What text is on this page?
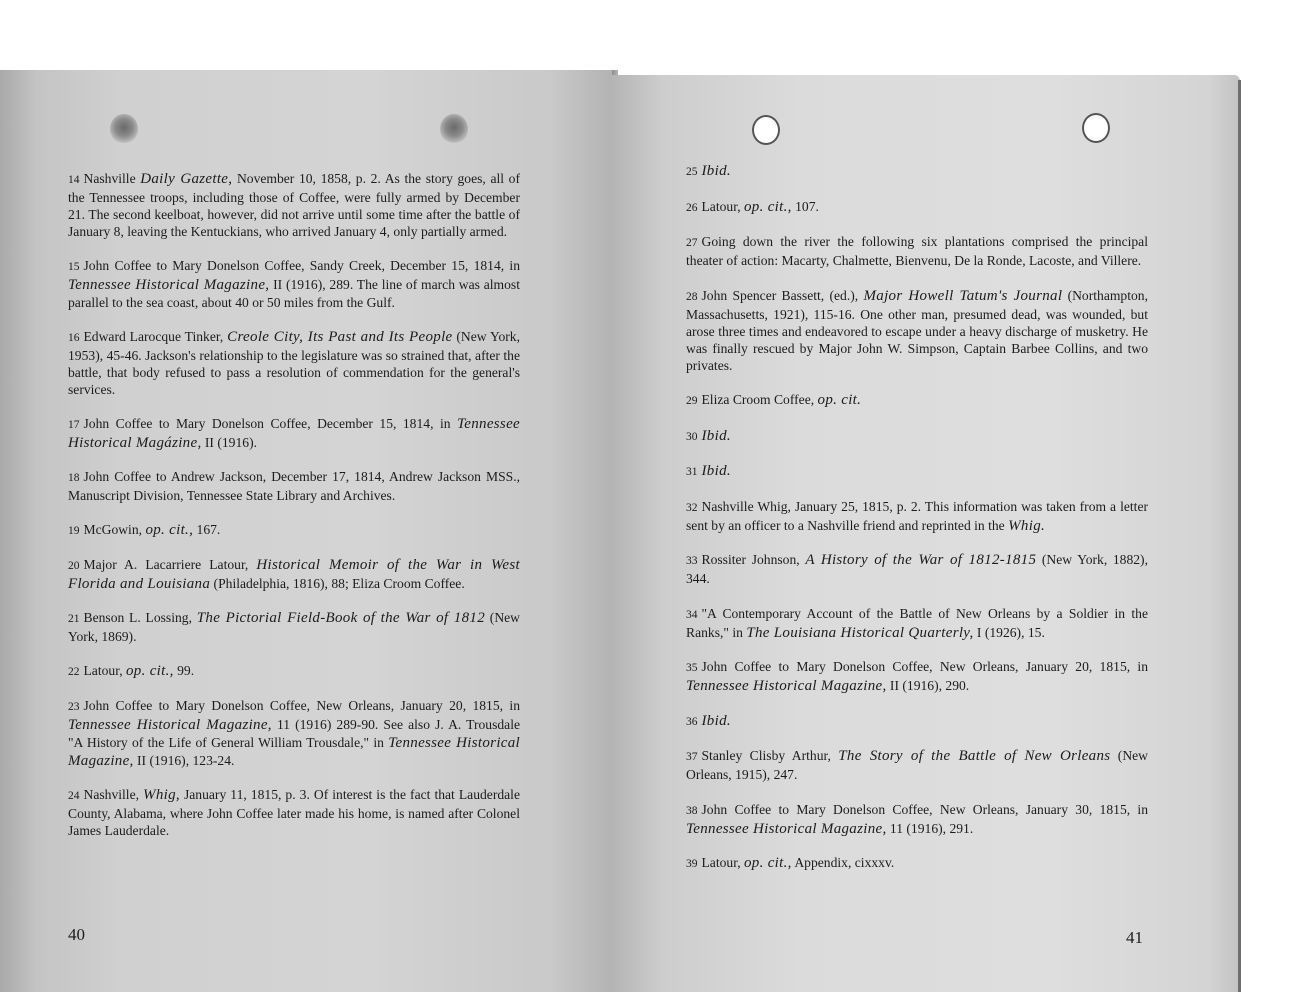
14 Nashville Daily Gazette, November 10, 1858, p. 2. As the story goes, all of the Tennessee troops, including those of Coffee, were fully armed by December 21. The second keelboat, however, did not arrive until some time after the battle of January 8, leaving the Kentuckians, who arrived January 4, only partially armed.

15 John Coffee to Mary Donelson Coffee, Sandy Creek, December 15, 1814, in Tennessee Historical Magazine, II (1916), 289. The line of march was almost parallel to the sea coast, about 40 or 50 miles from the Gulf.

16 Edward Larocque Tinker, Creole City, Its Past and Its People (New York, 1953), 45-46. Jackson's relationship to the legislature was so strained that, after the battle, that body refused to pass a resolution of commendation for the general's services.

17 John Coffee to Mary Donelson Coffee, December 15, 1814, in Tennessee Historical Magázine, II (1916).

18 John Coffee to Andrew Jackson, December 17, 1814, Andrew Jackson MSS., Manuscript Division, Tennessee State Library and Archives.

19 McGowin, op. cit., 167.

20 Major A. Lacarriere Latour, Historical Memoir of the War in West Florida and Louisiana (Philadelphia, 1816), 88; Eliza Croom Coffee.

21 Benson L. Lossing, The Pictorial Field-Book of the War of 1812 (New York, 1869).

22 Latour, op. cit., 99.

23 John Coffee to Mary Donelson Coffee, New Orleans, January 20, 1815, in Tennessee Historical Magazine, 11 (1916) 289-90. See also J. A. Trousdale "A History of the Life of General William Trousdale," in Tennessee Historical Magazine, II (1916), 123-24.

24 Nashville, Whig, January 11, 1815, p. 3. Of interest is the fact that Lauderdale County, Alabama, where John Coffee later made his home, is named after Colonel James Lauderdale.

40

25 Ibid.

26 Latour, op. cit., 107.

27 Going down the river the following six plantations comprised the principal theater of action: Macarty, Chalmette, Bienvenu, De la Ronde, Lacoste, and Villere.

28 John Spencer Bassett, (ed.), Major Howell Tatum's Journal (Northampton, Massachusetts, 1921), 115-16. One other man, presumed dead, was wounded, but arose three times and endeavored to escape under a heavy discharge of musketry. He was finally rescued by Major John W. Simpson, Captain Barbee Collins, and two privates.

29 Eliza Croom Coffee, op. cit.

30 Ibid.

31 Ibid.

32 Nashville Whig, January 25, 1815, p. 2. This information was taken from a letter sent by an officer to a Nashville friend and reprinted in the Whig.

33 Rossiter Johnson, A History of the War of 1812-1815 (New York, 1882), 344.

34 "A Contemporary Account of the Battle of New Orleans by a Soldier in the Ranks," in The Louisiana Historical Quarterly, I (1926), 15.

35 John Coffee to Mary Donelson Coffee, New Orleans, January 20, 1815, in Tennessee Historical Magazine, II (1916), 290.

36 Ibid.

37 Stanley Clisby Arthur, The Story of the Battle of New Orleans (New Orleans, 1915), 247.

38 John Coffee to Mary Donelson Coffee, New Orleans, January 30, 1815, in Tennessee Historical Magazine, 11 (1916), 291.

39 Latour, op. cit., Appendix, cixxxv.

41
